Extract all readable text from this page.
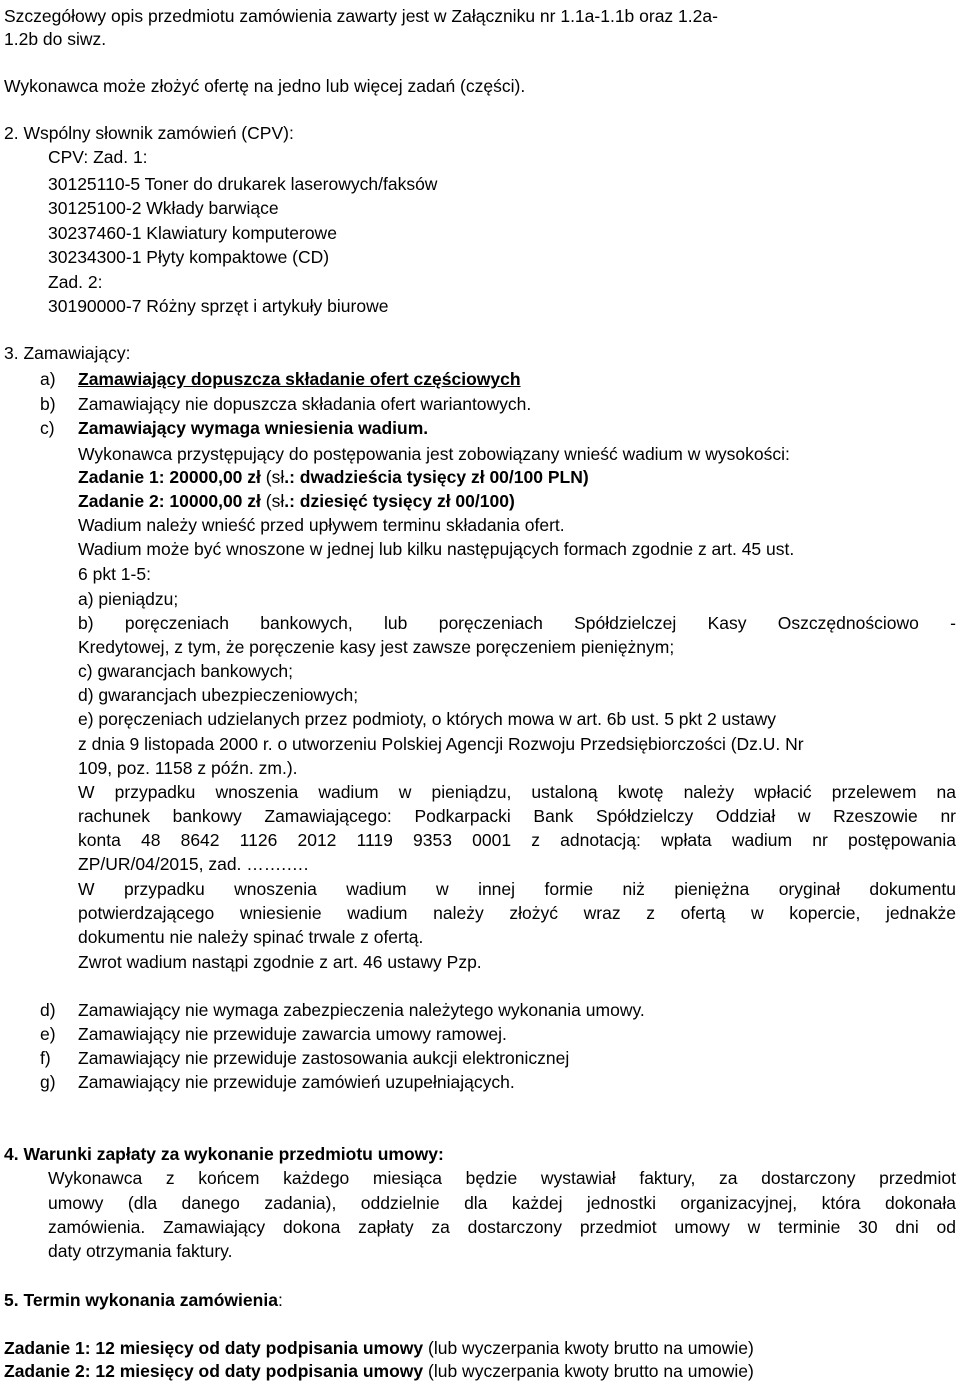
Szczegółowy opis przedmiotu zamówienia zawarty jest w Załączniku nr 1.1a-1.1b oraz 1.2a-
1.2b do siwz.
Wykonawca może złożyć ofertę na jedno lub więcej zadań (części).
2. Wspólny słownik zamówień (CPV):
CPV: Zad. 1:
30125110-5 Toner do drukarek laserowych/faksów
30125100-2 Wkłady barwiące
30237460-1 Klawiatury komputerowe
30234300-1 Płyty kompaktowe (CD)
Zad. 2:
30190000-7 Różny sprzęt i artykuły biurowe
3. Zamawiający:
a) Zamawiający dopuszcza składanie ofert częściowych
b) Zamawiający nie dopuszcza składania ofert wariantowych.
c) Zamawiający wymaga wniesienia wadium.
Wykonawca przystępujący do postępowania jest zobowiązany wnieść wadium w wysokości:
Zadanie 1: 20000,00 zł (sł.: dwadzieścia tysięcy zł 00/100 PLN)
Zadanie 2: 10000,00 zł (sł.: dziesięć tysięcy zł 00/100)
Wadium należy wnieść przed upływem terminu składania ofert.
Wadium może być wnoszone w jednej lub kilku następujących formach zgodnie z art. 45 ust.
6 pkt 1-5:
a) pieniądzu;
b) poręczeniach bankowych, lub poręczeniach Spółdzielczej Kasy Oszczędnościowo -
Kredytowej, z tym, że poręczenie kasy jest zawsze poręczeniem pieniężnym;
c) gwarancjach bankowych;
d) gwarancjach ubezpieczeniowych;
e) poręczeniach udzielanych przez podmioty, o których mowa w art. 6b ust. 5 pkt 2 ustawy
z dnia 9 listopada 2000 r. o utworzeniu Polskiej Agencji Rozwoju Przedsiębiorczości (Dz.U. Nr
109, poz. 1158 z późn. zm.).
W przypadku wnoszenia wadium w pieniądzu, ustaloną kwotę należy wpłacić przelewem na
rachunek bankowy Zamawiającego: Podkarpacki Bank Spółdzielczy Oddział w Rzeszowie nr
konta 48 8642 1126 2012 1119 9353 0001 z adnotacją: wpłata wadium nr postępowania
ZP/UR/04/2015, zad. …….….
W przypadku wnoszenia wadium w innej formie niż pieniężna oryginał dokumentu
potwierdzającego wniesienie wadium należy złożyć wraz z ofertą w kopercie, jednakże
dokumentu nie należy spinać trwale z ofertą.
Zwrot wadium nastąpi zgodnie z art. 46 ustawy Pzp.
d) Zamawiający nie wymaga zabezpieczenia należytego wykonania umowy.
e) Zamawiający nie przewiduje zawarcia umowy ramowej.
f) Zamawiający nie przewiduje zastosowania aukcji elektronicznej
g) Zamawiający nie przewiduje zamówień uzupełniających.
4. Warunki zapłaty za wykonanie przedmiotu umowy:
Wykonawca z końcem każdego miesiąca będzie wystawiał faktury, za dostarczony przedmiot
umowy (dla danego zadania), oddzielnie dla każdej jednostki organizacyjnej, która dokonała
zamówienia. Zamawiający dokona zapłaty za dostarczony przedmiot umowy w terminie 30 dni od
daty otrzymania faktury.
5. Termin wykonania zamówienia:
Zadanie 1: 12 miesięcy od daty podpisania umowy (lub wyczerpania kwoty brutto na umowie)
Zadanie 2: 12 miesięcy od daty podpisania umowy (lub wyczerpania kwoty brutto na umowie)
